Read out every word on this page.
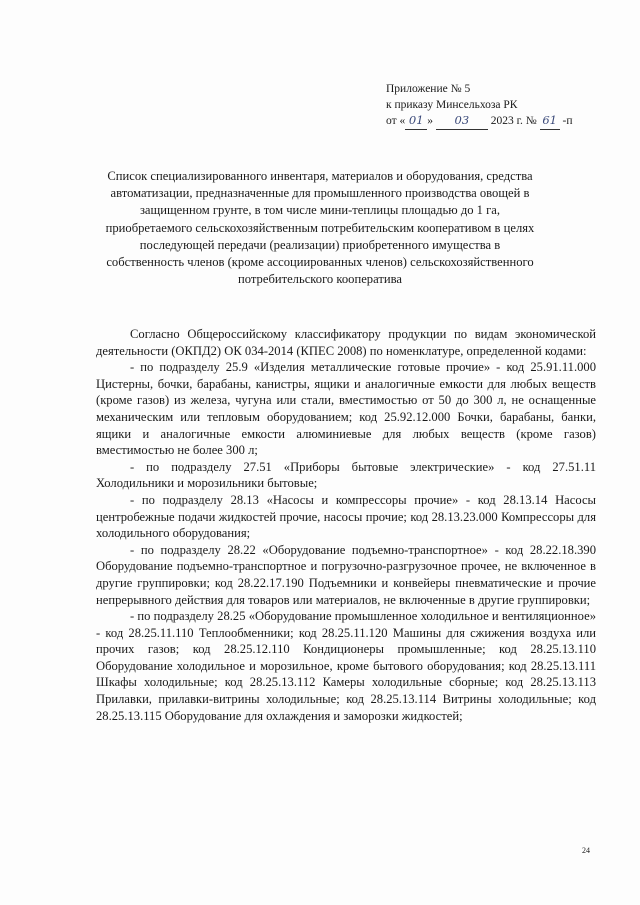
Приложение № 5
к приказу Минсельхоза РК
от « 01 » 03 2023 г. № 61 -п
Список специализированного инвентаря, материалов и оборудования, средства автоматизации, предназначенные для промышленного производства овощей в защищенном грунте, в том числе мини-теплицы площадью до 1 га, приобретаемого сельскохозяйственным потребительским кооперативом в целях последующей передачи (реализации) приобретенного имущества в собственность членов (кроме ассоциированных членов) сельскохозяйственного потребительского кооператива

Согласно Общероссийскому классификатору продукции по видам экономической деятельности (ОКПД2) ОК 034-2014 (КПЕС 2008) по номенклатуре, определенной кодами:

- по подразделу 25.9 «Изделия металлические готовые прочие» - код 25.91.11.000 Цистерны, бочки, барабаны, канистры, ящики и аналогичные емкости для любых веществ (кроме газов) из железа, чугуна или стали, вместимостью от 50 до 300 л, не оснащенные механическим или тепловым оборудованием; код 25.92.12.000 Бочки, барабаны, банки, ящики и аналогичные емкости алюминиевые для любых веществ (кроме газов) вместимостью не более 300 л;

- по подразделу 27.51 «Приборы бытовые электрические» - код 27.51.11 Холодильники и морозильники бытовые;

- по подразделу 28.13 «Насосы и компрессоры прочие» - код 28.13.14 Насосы центробежные подачи жидкостей прочие, насосы прочие; код 28.13.23.000 Компрессоры для холодильного оборудования;

- по подразделу 28.22 «Оборудование подъемно-транспортное» - код 28.22.18.390 Оборудование подъемно-транспортное и погрузочно-разгрузочное прочее, не включенное в другие группировки; код 28.22.17.190 Подъемники и конвейеры пневматические и прочие непрерывного действия для товаров или материалов, не включенные в другие группировки;

- по подразделу 28.25 «Оборудование промышленное холодильное и вентиляционное» - код 28.25.11.110 Теплообменники; код 28.25.11.120 Машины для сжижения воздуха или прочих газов; код 28.25.12.110 Кондиционеры промышленные; код 28.25.13.110 Оборудование холодильное и морозильное, кроме бытового оборудования; код 28.25.13.111 Шкафы холодильные; код 28.25.13.112 Камеры холодильные сборные; код 28.25.13.113 Прилавки, прилавки-витрины холодильные; код 28.25.13.114 Витрины холодильные; код 28.25.13.115 Оборудование для охлаждения и заморозки жидкостей;

24
